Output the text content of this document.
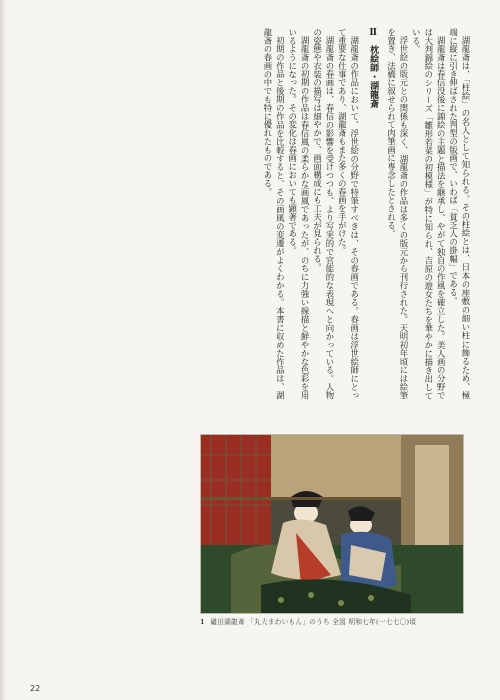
湖龍斎は、「柱絵」の名人として知られる。その柱絵とは、日本の座敷の細い柱に飾るため、極端に縦に引き伸ばされた判型の版画で、いわば「貧乏人の掛幅」である。

湖龍斎は春信没後に錦絵の主題と描法を継承し、やがて独自の作風を確立した。美人画の分野では大判錦絵のシリーズ「雛形若菜の初模様」が特に知られ、吉原の遊女たちを華やかに描き出している。

浮世絵の版元との関係も深く、湖龍斎の作品は多くの版元から刊行された。天明初年頃には絵筆を置き、法橋に叙せられて肉筆画に専念したとされる。

Ⅱ 枕絵師・湖龍斎

湖龍斎の作品において、浮世絵の分野で特筆すべきは、その春画である。春画は浮世絵師にとって重要な仕事であり、湖龍斎もまた多くの春画を手がけた。

湖龍斎の春画は、春信の影響を受けつつも、より写実的で官能的な表現へと向かっている。人物の姿態や衣装の描写は細やかで、画面構成にも工夫が見られる。

湖龍斎の初期の作品は春信風の柔らかな画風であったが、のちに力強い線描と鮮やかな色彩を用いるようになった。その変化は春画においても顕著である。

初期の作品と後期の作品を比較すると、その画風の変遷がよくわかる。本書に収めた作品は、湖龍斎の春画の中でも特に優れたものである。

1 礒田湖龍斎 「丸大まわいもん」のうち 全図 明和七年(一七七〇)頃
22
